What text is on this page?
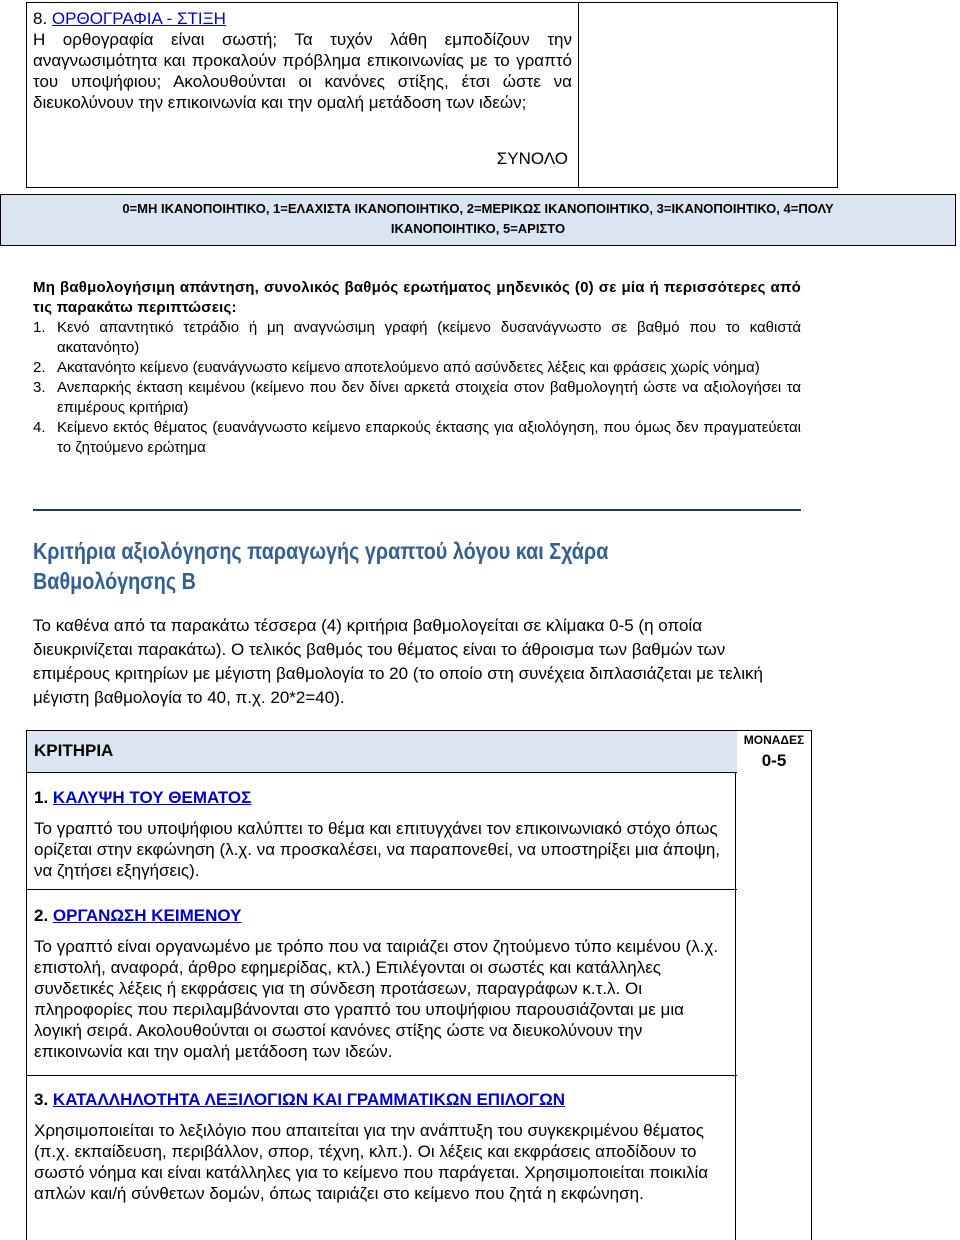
8. ΟΡΘΟΓΡΑΦΙΑ - ΣΤΙΞΗ
Η ορθογραφία είναι σωστή; Τα τυχόν λάθη εμποδίζουν την αναγνωσιμότητα και προκαλούν πρόβλημα επικοινωνίας με το γραπτό του υποψήφιου; Ακολουθούνται οι κανόνες στίξης, έτσι ώστε να διευκολύνουν την επικοινωνία και την ομαλή μετάδοση των ιδεών;
ΣΥΝΟΛΟ
0=ΜΗ ΙΚΑΝΟΠΟΙΗΤΙΚΟ, 1=ΕΛΑΧΙΣΤΑ ΙΚΑΝΟΠΟΙΗΤΙΚΟ, 2=ΜΕΡΙΚΩΣ ΙΚΑΝΟΠΟΙΗΤΙΚΟ, 3=ΙΚΑΝΟΠΟΙΗΤΙΚΟ, 4=ΠΟΛΥ
ΙΚΑΝΟΠΟΙΗΤΙΚΟ, 5=ΑΡΙΣΤΟ
Μη βαθμολογήσιμη απάντηση, συνολικός βαθμός ερωτήματος μηδενικός (0) σε μία ή περισσότερες από τις παρακάτω περιπτώσεις:
1. Κενό απαντητικό τετράδιο ή μη αναγνώσιμη γραφή (κείμενο δυσανάγνωστο σε βαθμό που το καθιστά ακατανόητο)
2. Ακατανόητο κείμενο (ευανάγνωστο κείμενο αποτελούμενο από ασύνδετες λέξεις και φράσεις χωρίς νόημα)
3. Ανεπαρκής έκταση κειμένου (κείμενο που δεν δίνει αρκετά στοιχεία στον βαθμολογητή ώστε να αξιολογήσει τα επιμέρους κριτήρια)
4. Κείμενο εκτός θέματος (ευανάγνωστο κείμενο επαρκούς έκτασης για αξιολόγηση, που όμως δεν πραγματεύεται το ζητούμενο ερώτημα
Κριτήρια αξιολόγησης παραγωγής γραπτού λόγου και Σχάρα
Βαθμολόγησης Β
Το καθένα από τα παρακάτω τέσσερα (4) κριτήρια βαθμολογείται σε κλίμακα 0-5 (η οποία διευκρινίζεται παρακάτω). Ο τελικός βαθμός του θέματος είναι το άθροισμα των βαθμών των επιμέρους κριτηρίων με μέγιστη βαθμολογία το 20 (το οποίο στη συνέχεια διπλασιάζεται με τελική μέγιστη βαθμολογία το 40, π.χ. 20*2=40).
ΚΡΙΤΗΡΙΑ
1. ΚΑΛΥΨΗ ΤΟΥ ΘΕΜΑΤΟΣ
Το γραπτό του υποψήφιου καλύπτει το θέμα και επιτυγχάνει τον επικοινωνιακό στόχο όπως ορίζεται στην εκφώνηση (λ.χ. να προσκαλέσει, να παραπονεθεί, να υποστηρίξει μια άποψη, να ζητήσει εξηγήσεις).
2. ΟΡΓΑΝΩΣΗ ΚΕΙΜΕΝΟΥ
Το γραπτό είναι οργανωμένο με τρόπο που να ταιριάζει στον ζητούμενο τύπο κειμένου (λ.χ. επιστολή, αναφορά, άρθρο εφημερίδας, κτλ.) Επιλέγονται οι σωστές και κατάλληλες συνδετικές λέξεις ή εκφράσεις για τη σύνδεση προτάσεων, παραγράφων κ.τ.λ. Οι πληροφορίες που περιλαμβάνονται στο γραπτό του υποψήφιου παρουσιάζονται με μια λογική σειρά. Ακολουθούνται οι σωστοί κανόνες στίξης ώστε να διευκολύνουν την επικοινωνία και την ομαλή μετάδοση των ιδεών.
3. ΚΑΤΑΛΛΗΛΟΤΗΤΑ ΛΕΞΙΛΟΓΙΩΝ ΚΑΙ ΓΡΑΜΜΑΤΙΚΩΝ ΕΠΙΛΟΓΩΝ
Χρησιμοποιείται το λεξιλόγιο που απαιτείται για την ανάπτυξη του συγκεκριμένου θέματος (π.χ. εκπαίδευση, περιβάλλον, σπορ, τέχνη, κλπ.). Οι λέξεις και εκφράσεις αποδίδουν το σωστό νόημα και είναι κατάλληλες για το κείμενο που παράγεται. Χρησιμοποιείται ποικιλία απλών και/ή σύνθετων δομών, όπως ταιριάζει στο κείμενο που ζητά η εκφώνηση.
ΜΟΝΑΔΕΣ
0-5
